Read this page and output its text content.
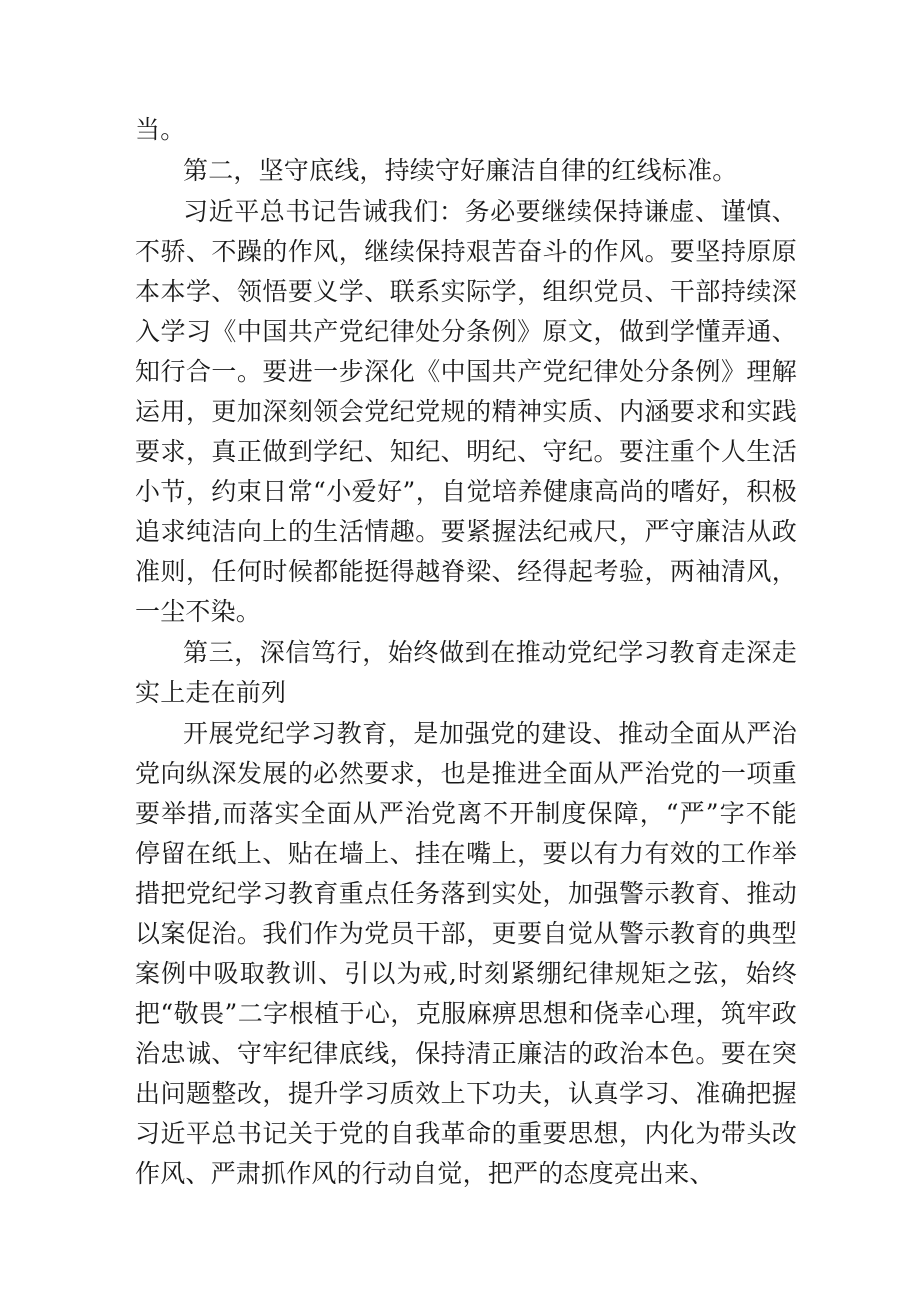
当。

第二，坚守底线，持续守好廉洁自律的红线标准。

习近平总书记告诫我们：务必要继续保持谦虚、谨慎、不骄、不躁的作风，继续保持艰苦奋斗的作风。要坚持原原本本学、领悟要义学、联系实际学，组织党员、干部持续深入学习《中国共产党纪律处分条例》原文，做到学懂弄通、知行合一。要进一步深化《中国共产党纪律处分条例》理解运用，更加深刻领会党纪党规的精神实质、内涵要求和实践要求，真正做到学纪、知纪、明纪、守纪。要注重个人生活小节，约束日常“小爱好”，自觉培养健康高尚的嗜好，积极追求纯洁向上的生活情趣。要紧握法纪戒尺，严守廉洁从政准则，任何时候都能挺得越脊梁、经得起考验，两袖清风，一尘不染。

第三，深信笃行，始终做到在推动党纪学习教育走深走实上走在前列

开展党纪学习教育，是加强党的建设、推动全面从严治党向纵深发展的必然要求，也是推进全面从严治党的一项重要举措,而落实全面从严治党离不开制度保障，“严”字不能停留在纸上、贴在墙上、挂在嘴上，要以有力有效的工作举措把党纪学习教育重点任务落到实处，加强警示教育、推动以案促治。我们作为党员干部，更要自觉从警示教育的典型案例中吸取教训、引以为戒,时刻紧绷纪律规矩之弦，始终把“敬畏”二字根植于心，克服麻痹思想和侥幸心理，筑牢政治忠诚、守牢纪律底线，保持清正廉洁的政治本色。要在突出问题整改，提升学习质效上下功夫，认真学习、准确把握习近平总书记关于党的自我革命的重要思想，内化为带头改作风、严肃抓作风的行动自觉，把严的态度亮出来、
